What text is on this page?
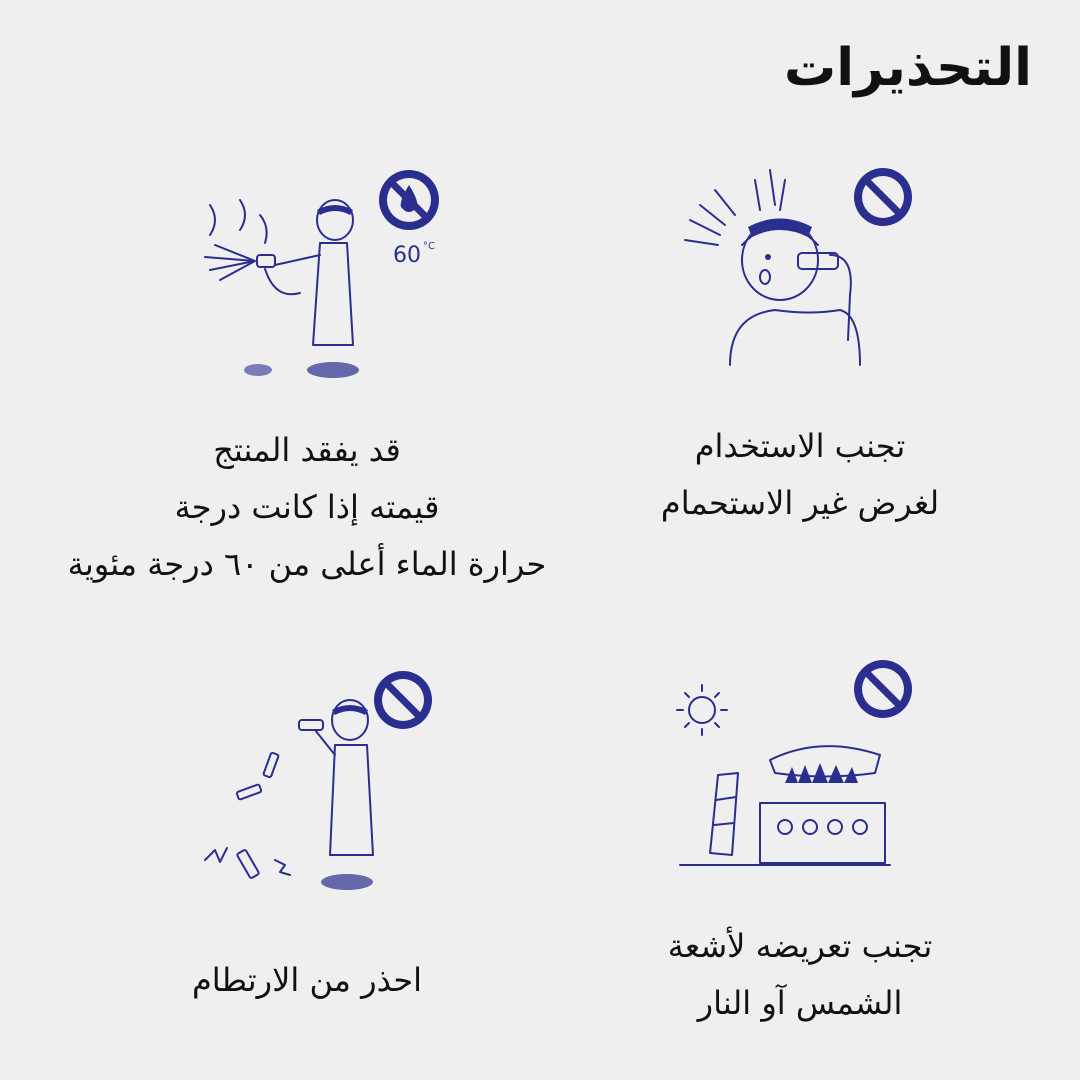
التحذيرات
تجنب الاستخدام
لغرض غير الاستحمام
60 °C
قد يفقد المنتج
قيمته إذا كانت درجة
حرارة الماء أعلى من ٦٠ درجة مئوية
تجنب تعريضه لأشعة
الشمس آو النار
احذر من الارتطام
